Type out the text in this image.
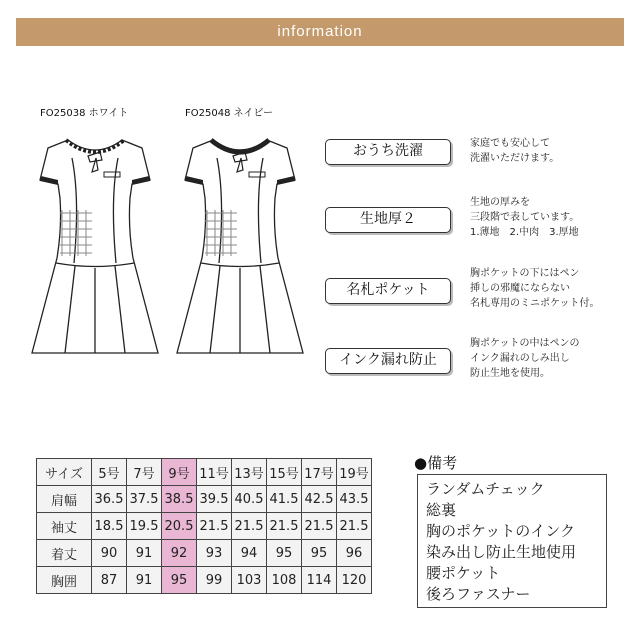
information
FO25038 ホワイト	FO25048 ネイビー
おうち洗濯	家庭でも安心して
洗濯いただけます。
生地厚２
生地の厚みを
三段階で表しています。
1.薄地　2.中肉　3.厚地
名札ポケット
胸ポケットの下にはペン
挿しの邪魔にならない
名札専用のミニポケット付。
インク漏れ防止
胸ポケットの中はペンの
インク漏れのしみ出し
防止生地を使用。
サイズ	5号	7号	9号	11号	13号	15号	17号	19号
肩幅	36.5	37.5	38.5	39.5	40.5	41.5	42.5	43.5
袖丈	18.5	19.5	20.5	21.5	21.5	21.5	21.5	21.5
着丈	90	91	92	93	94	95	95	96
胸囲	87	91	95	99	103	108	114	120
●備考
ランダムチェック
総裏
胸のポケットのインク
染み出し防止生地使用
腰ポケット
後ろファスナー
